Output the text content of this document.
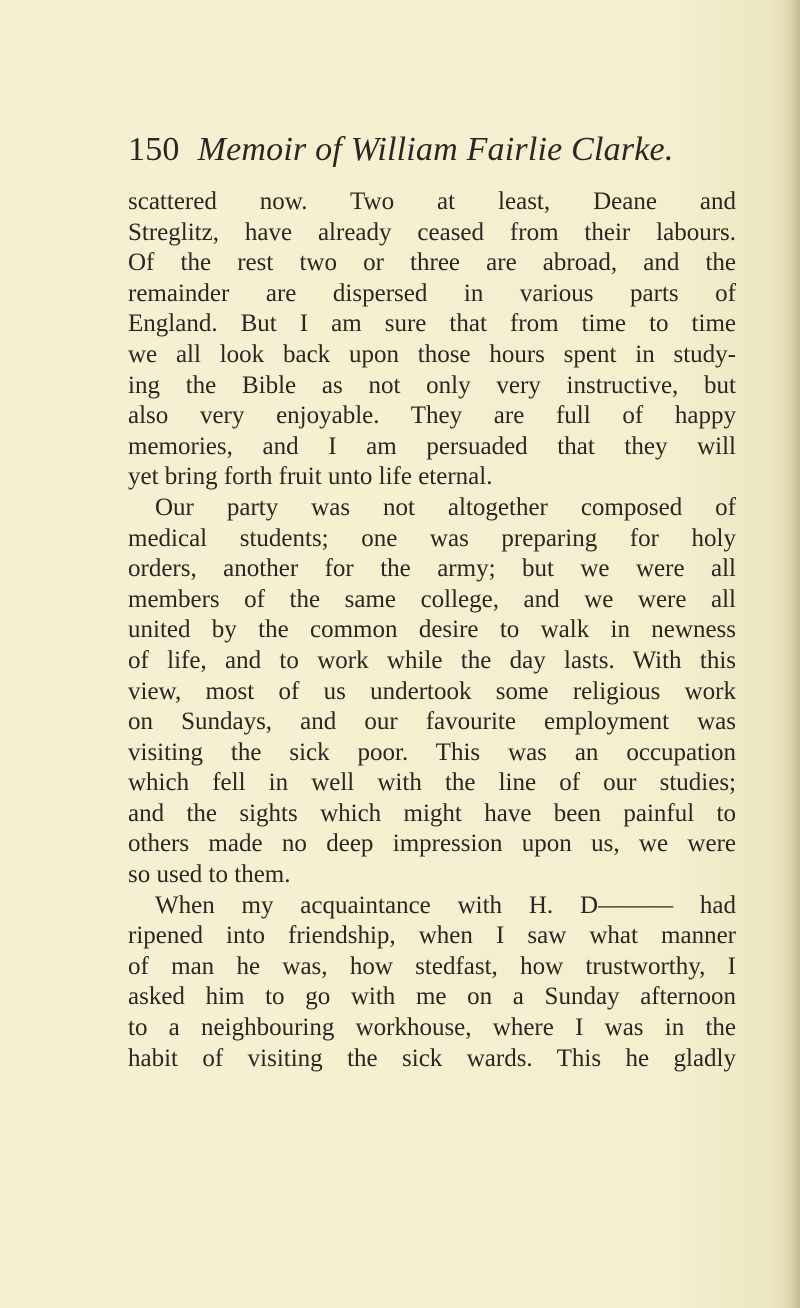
150 Memoir of William Fairlie Clarke.
scattered now. Two at least, Deane and
Streglitz, have already ceased from their labours.
Of the rest two or three are abroad, and the
remainder are dispersed in various parts of
England. But I am sure that from time to time
we all look back upon those hours spent in study-
ing the Bible as not only very instructive, but
also very enjoyable. They are full of happy
memories, and I am persuaded that they will
yet bring forth fruit unto life eternal.
Our party was not altogether composed of
medical students; one was preparing for holy
orders, another for the army; but we were all
members of the same college, and we were all
united by the common desire to walk in newness
of life, and to work while the day lasts. With this
view, most of us undertook some religious work
on Sundays, and our favourite employment was
visiting the sick poor. This was an occupation
which fell in well with the line of our studies;
and the sights which might have been painful to
others made no deep impression upon us, we were
so used to them.
When my acquaintance with H. D——— had
ripened into friendship, when I saw what manner
of man he was, how stedfast, how trustworthy, I
asked him to go with me on a Sunday afternoon
to a neighbouring workhouse, where I was in the
habit of visiting the sick wards. This he gladly
